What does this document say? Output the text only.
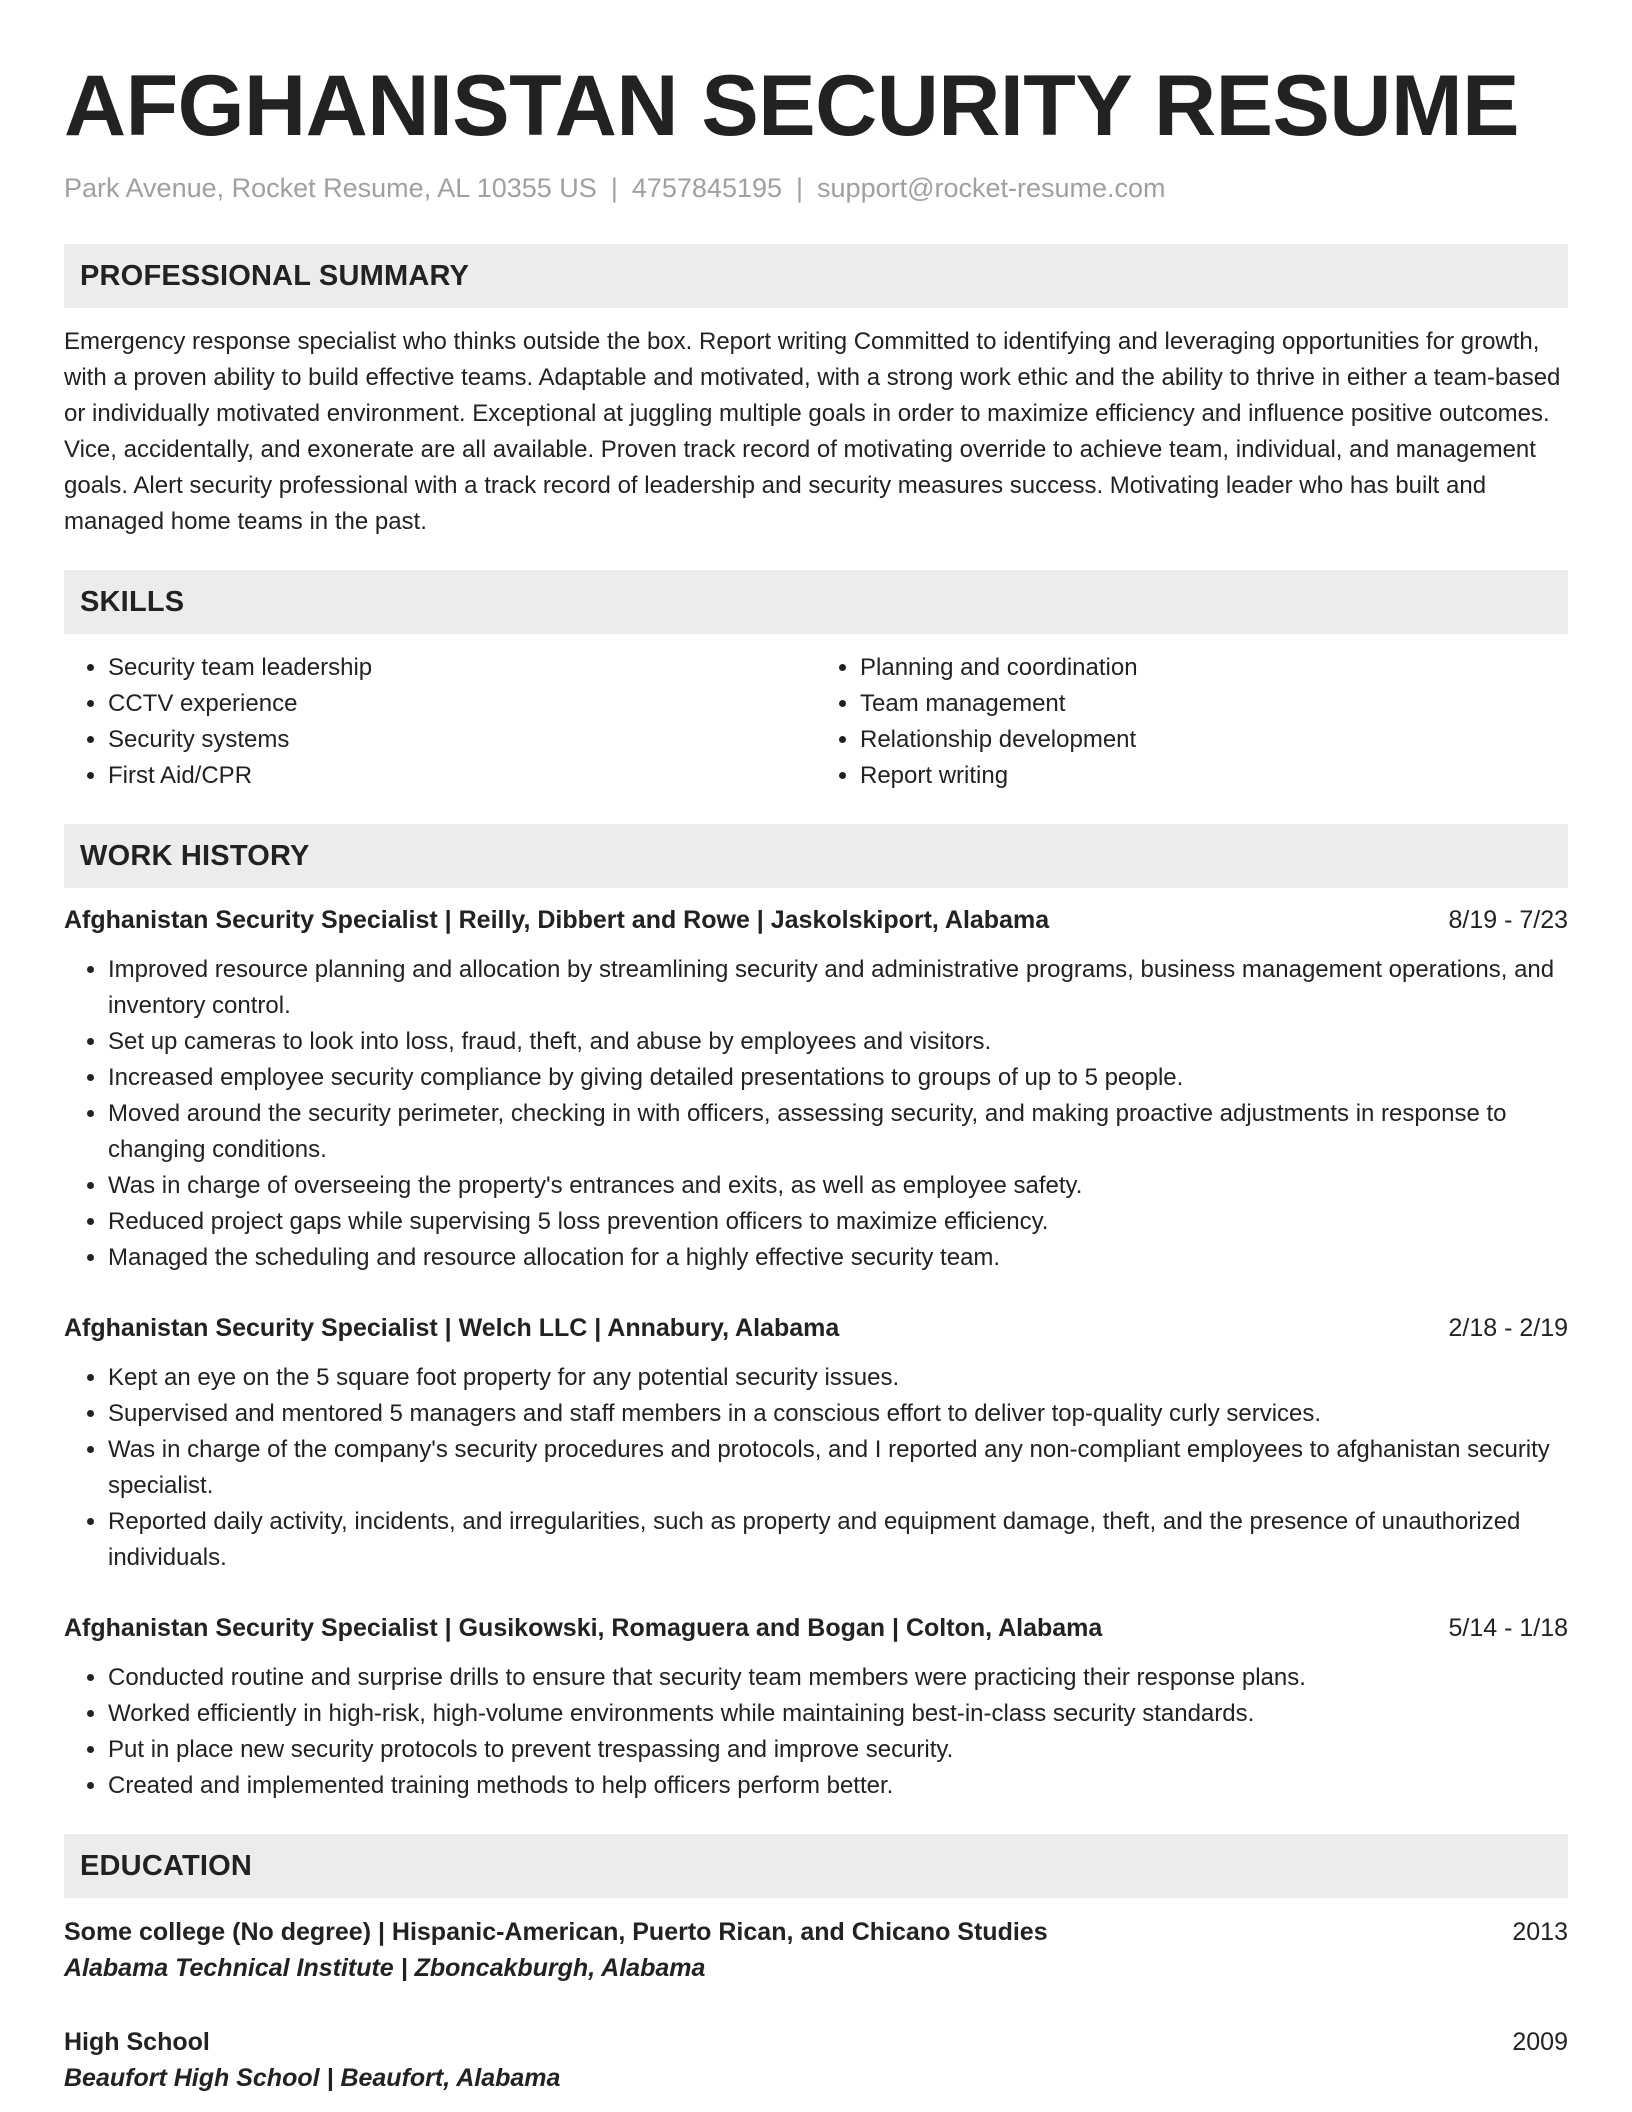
AFGHANISTAN SECURITY RESUME
Park Avenue, Rocket Resume, AL 10355 US | 4757845195 | support@rocket-resume.com
PROFESSIONAL SUMMARY

Emergency response specialist who thinks outside the box. Report writing Committed to identifying and leveraging opportunities for growth, with a proven ability to build effective teams. Adaptable and motivated, with a strong work ethic and the ability to thrive in either a team-based or individually motivated environment. Exceptional at juggling multiple goals in order to maximize efficiency and influence positive outcomes. Vice, accidentally, and exonerate are all available. Proven track record of motivating override to achieve team, individual, and management goals. Alert security professional with a track record of leadership and security measures success. Motivating leader who has built and managed home teams in the past.

SKILLS
• Security team leadership
• CCTV experience
• Security systems
• First Aid/CPR
• Planning and coordination
• Team management
• Relationship development
• Report writing
WORK HISTORY
Afghanistan Security Specialist | Reilly, Dibbert and Rowe | Jaskolskiport, Alabama	8/19 - 7/23
• Improved resource planning and allocation by streamlining security and administrative programs, business management operations, and inventory control.
• Set up cameras to look into loss, fraud, theft, and abuse by employees and visitors.
• Increased employee security compliance by giving detailed presentations to groups of up to 5 people.
• Moved around the security perimeter, checking in with officers, assessing security, and making proactive adjustments in response to changing conditions.
• Was in charge of overseeing the property's entrances and exits, as well as employee safety.
• Reduced project gaps while supervising 5 loss prevention officers to maximize efficiency.
• Managed the scheduling and resource allocation for a highly effective security team.
Afghanistan Security Specialist | Welch LLC | Annabury, Alabama	2/18 - 2/19
• Kept an eye on the 5 square foot property for any potential security issues.
• Supervised and mentored 5 managers and staff members in a conscious effort to deliver top-quality curly services.
• Was in charge of the company's security procedures and protocols, and I reported any non-compliant employees to afghanistan security specialist.
• Reported daily activity, incidents, and irregularities, such as property and equipment damage, theft, and the presence of unauthorized individuals.
Afghanistan Security Specialist | Gusikowski, Romaguera and Bogan | Colton, Alabama	5/14 - 1/18
• Conducted routine and surprise drills to ensure that security team members were practicing their response plans.
• Worked efficiently in high-risk, high-volume environments while maintaining best-in-class security standards.
• Put in place new security protocols to prevent trespassing and improve security.
• Created and implemented training methods to help officers perform better.
EDUCATION
Some college (No degree) | Hispanic-American, Puerto Rican, and Chicano Studies	2013
Alabama Technical Institute | Zboncakburgh, Alabama
High School	2009
Beaufort High School | Beaufort, Alabama
